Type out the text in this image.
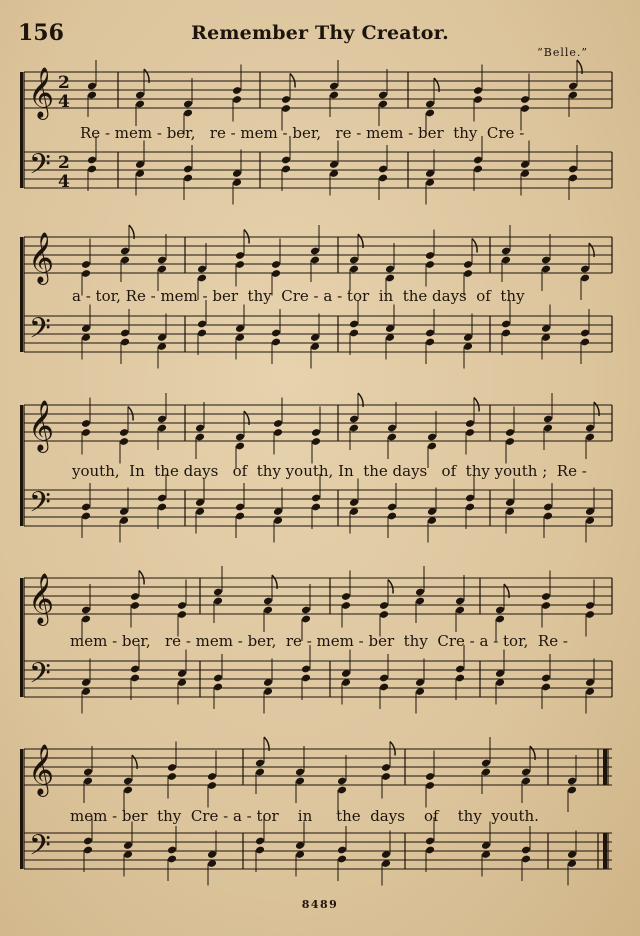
156	Remember Thy Creator.
“Belle.”
𝄞
𝄢
2
4
2
4
𝄞
𝄢
𝄞
𝄢
𝄞
𝄢
𝄞
𝄢
Re - mem - ber,   re - mem - ber,   re - mem - ber  thy  Cre -
a - tor, Re - mem - ber  thy  Cre - a - tor  in  the days  of  thy
youth,  In  the days   of  thy youth, In  the days   of  thy youth ;  Re -
mem - ber,   re - mem - ber,  re - mem - ber  thy  Cre - a - tor,  Re -
mem - ber  thy  Cre - a - tor    in     the  days    of    thy  youth.
8489
